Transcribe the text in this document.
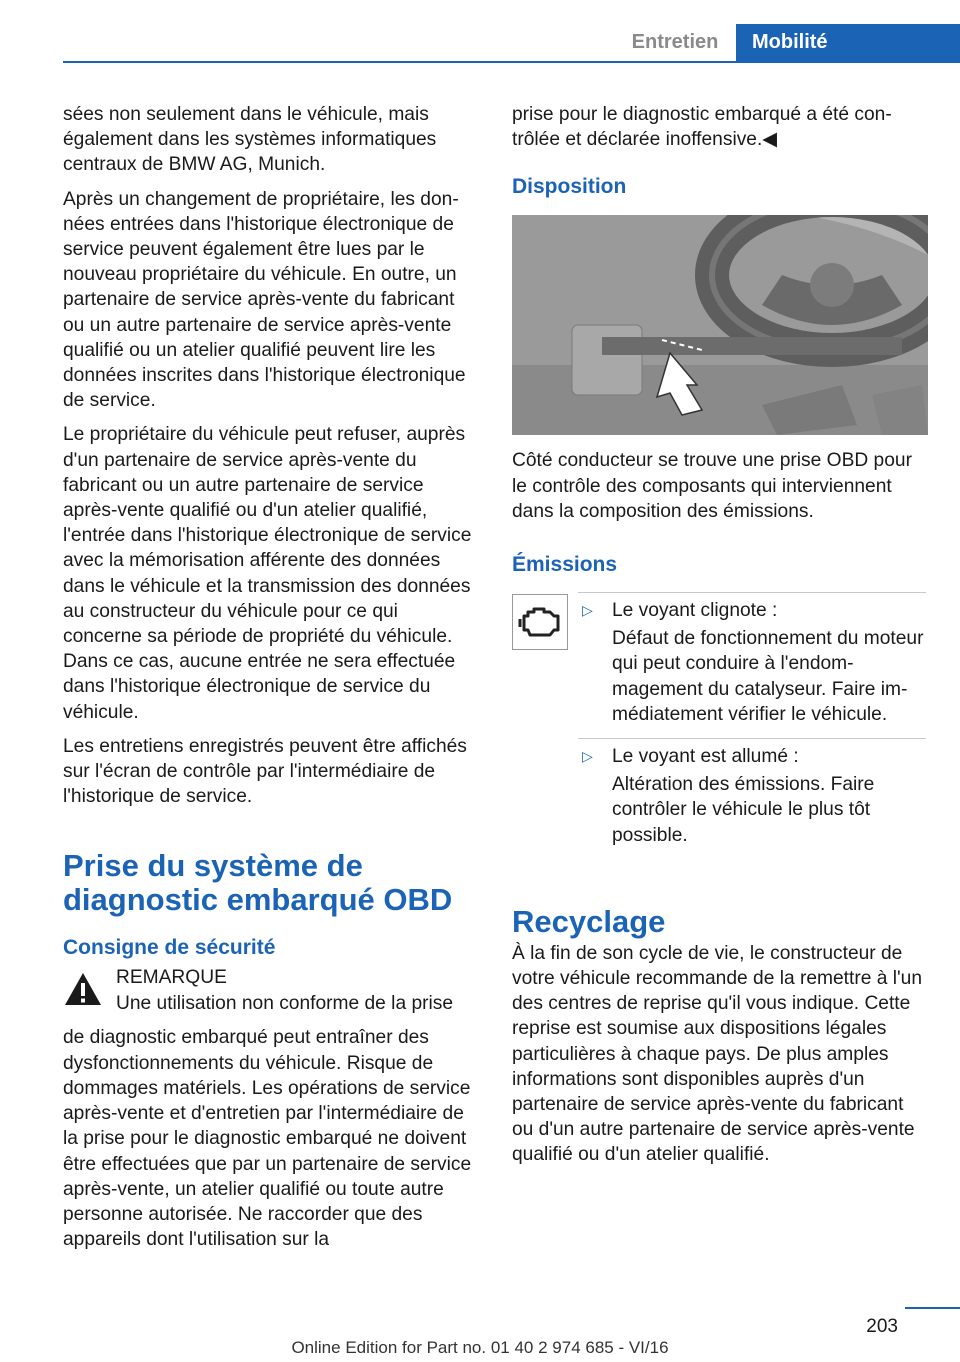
Entretien	Mobilité

sées non seulement dans le véhicule, mais également dans les systèmes informatiques centraux de BMW AG, Munich.

Après un changement de propriétaire, les données entrées dans l'historique électronique de service peuvent également être lues par le nouveau propriétaire du véhicule. En outre, un partenaire de service après-vente du fabricant ou un autre partenaire de service après-vente qualifié ou un atelier qualifié peuvent lire les données inscrites dans l'historique électronique de service.

Le propriétaire du véhicule peut refuser, auprès d'un partenaire de service après-vente du fabricant ou un autre partenaire de service après-vente qualifié ou d'un atelier qualifié, l'entrée dans l'historique électronique de service avec la mémorisation afférente des données dans le véhicule et la transmission des données au constructeur du véhicule pour ce qui concerne sa période de propriété du véhicule. Dans ce cas, aucune entrée ne sera effectuée dans l'historique électronique de service du véhicule.

Les entretiens enregistrés peuvent être affichés sur l'écran de contrôle par l'intermédiaire de l'historique de service.

Prise du système de diagnostic embarqué OBD
Consigne de sécurité
REMARQUE
Une utilisation non conforme de la prise

de diagnostic embarqué peut entraîner des dysfonctionnements du véhicule. Risque de dommages matériels. Les opérations de service après-vente et d'entretien par l'intermédiaire de la prise pour le diagnostic embarqué ne doivent être effectuées que par un partenaire de service après-vente, un atelier qualifié ou toute autre personne autorisée. Ne raccorder que des appareils dont l'utilisation sur la

prise pour le diagnostic embarqué a été contrôlée et déclarée inoffensive.◀

Disposition

Côté conducteur se trouve une prise OBD pour le contrôle des composants qui interviennent dans la composition des émissions.

Émissions
▷ Le voyant clignote :

Défaut de fonctionnement du moteur qui peut conduire à l'endommagement du catalyseur. Faire immédiatement vérifier le véhicule.

▷ Le voyant est allumé :

Altération des émissions. Faire contrôler le véhicule le plus tôt possible.

Recyclage

À la fin de son cycle de vie, le constructeur de votre véhicule recommande de la remettre à l'un des centres de reprise qu'il vous indique. Cette reprise est soumise aux dispositions légales particulières à chaque pays. De plus amples informations sont disponibles auprès d'un partenaire de service après-vente du fabricant ou d'un autre partenaire de service après-vente qualifié ou d'un atelier qualifié.

203
Online Edition for Part no. 01 40 2 974 685 - VI/16
